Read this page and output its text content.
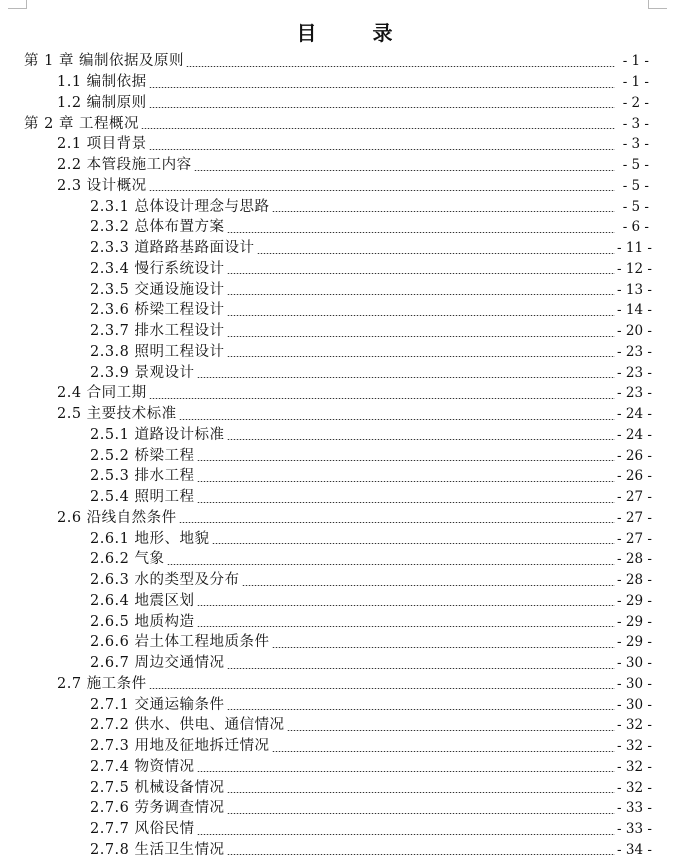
目　录
第 1 章 编制依据及原则	- 1 -
1.1 编制依据	- 1 -
1.2 编制原则	- 2 -
第 2 章 工程概况	- 3 -
2.1 项目背景	- 3 -
2.2 本管段施工内容	- 5 -
2.3 设计概况	- 5 -
2.3.1 总体设计理念与思路	- 5 -
2.3.2 总体布置方案	- 6 -
2.3.3 道路路基路面设计	- 11 -
2.3.4 慢行系统设计	- 12 -
2.3.5 交通设施设计	- 13 -
2.3.6 桥梁工程设计	- 14 -
2.3.7 排水工程设计	- 20 -
2.3.8 照明工程设计	- 23 -
2.3.9 景观设计	- 23 -
2.4 合同工期	- 23 -
2.5 主要技术标准	- 24 -
2.5.1 道路设计标准	- 24 -
2.5.2 桥梁工程	- 26 -
2.5.3 排水工程	- 26 -
2.5.4 照明工程	- 27 -
2.6 沿线自然条件	- 27 -
2.6.1 地形、地貌	- 27 -
2.6.2 气象	- 28 -
2.6.3 水的类型及分布	- 28 -
2.6.4 地震区划	- 29 -
2.6.5 地质构造	- 29 -
2.6.6 岩土体工程地质条件	- 29 -
2.6.7 周边交通情况	- 30 -
2.7 施工条件	- 30 -
2.7.1 交通运输条件	- 30 -
2.7.2 供水、供电、通信情况	- 32 -
2.7.3 用地及征地拆迁情况	- 32 -
2.7.4 物资情况	- 32 -
2.7.5 机械设备情况	- 32 -
2.7.6 劳务调查情况	- 33 -
2.7.7 风俗民情	- 33 -
2.7.8 生活卫生情况	- 34 -
